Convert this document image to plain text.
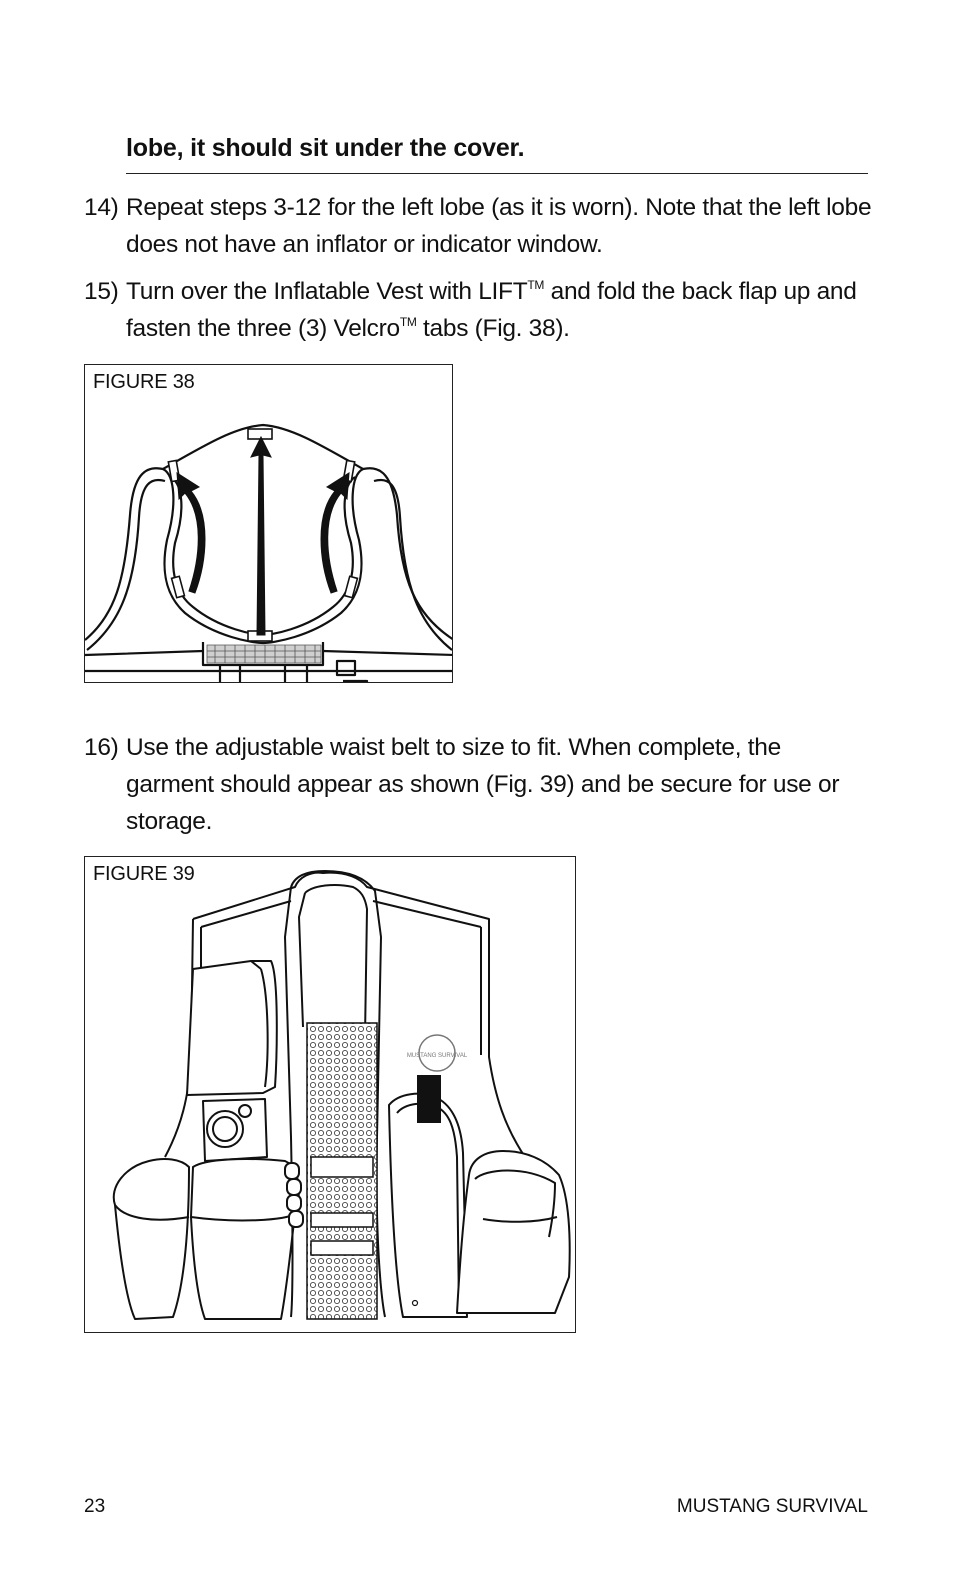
lobe, it should sit under the cover.
14) Repeat steps 3-12 for the left lobe (as it is worn). Note that the left lobe does not have an inflator or indicator window.
15) Turn over the Inflatable Vest with LIFT™ and fold the back flap up and fasten the three (3) Velcro™ tabs (Fig. 38).
FIGURE 38
16) Use the adjustable waist belt to size to fit. When complete, the garment should appear as shown (Fig. 39) and be secure for use or storage.
FIGURE 39
MUSTANG SURVIVAL
23	MUSTANG SURVIVAL
